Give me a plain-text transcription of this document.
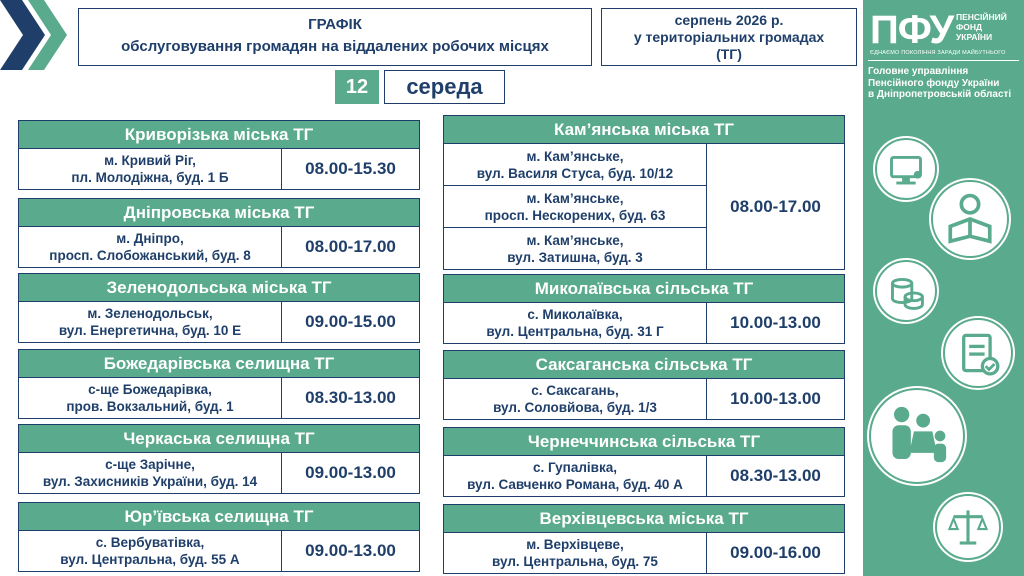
ГРАФІК
обслуговування громадян на віддалених робочих місцях
серпень 2026 р.
у територіальних громадах
(ТГ)
12	середа
Криворізька міська ТГ
м. Кривий Ріг,
пл. Молодіжна, буд. 1 Б	08.00-15.30
Дніпровська міська ТГ
м. Дніпро,
просп. Слобожанський, буд. 8	08.00-17.00
Зеленодольська міська ТГ
м. Зеленодольськ,
вул. Енергетична, буд. 10 Е	09.00-15.00
Божедарівська селищна ТГ
с-ще Божедарівка,
пров. Вокзальний, буд. 1	08.30-13.00
Черкаська селищна ТГ
с-ще Зарічне,
вул. Захисників України, буд. 14	09.00-13.00
Юр’ївська селищна ТГ
с. Вербуватівка,
вул. Центральна, буд. 55 А	09.00-13.00
Кам’янська міська ТГ
м. Кам’янське,
вул. Василя Стуса, буд. 10/12
м. Кам’янське,
просп. Нескорених, буд. 63
м. Кам’янське,
вул. Затишна, буд. 3
08.00-17.00
Миколаївська сільська ТГ
с. Миколаївка,
вул. Центральна, буд. 31 Г	10.00-13.00
Саксаганська сільська ТГ
с. Саксагань,
вул. Соловйова, буд. 1/3	10.00-13.00
Чернеччинська сільська ТГ
с. Гупалівка,
вул. Савченко Романа, буд. 40 А	08.30-13.00
Верхівцевська міська ТГ
м. Верхівцеве,
вул. Центральна, буд. 75	09.00-16.00
ПФУ ПЕНСІЙНИЙ ФОНД УКРАЇНИ
ЄДНАЄМО ПОКОЛІННЯ ЗАРАДИ МАЙБУТНЬОГО
Головне управління
Пенсійного фонду України
в Дніпропетровській області
